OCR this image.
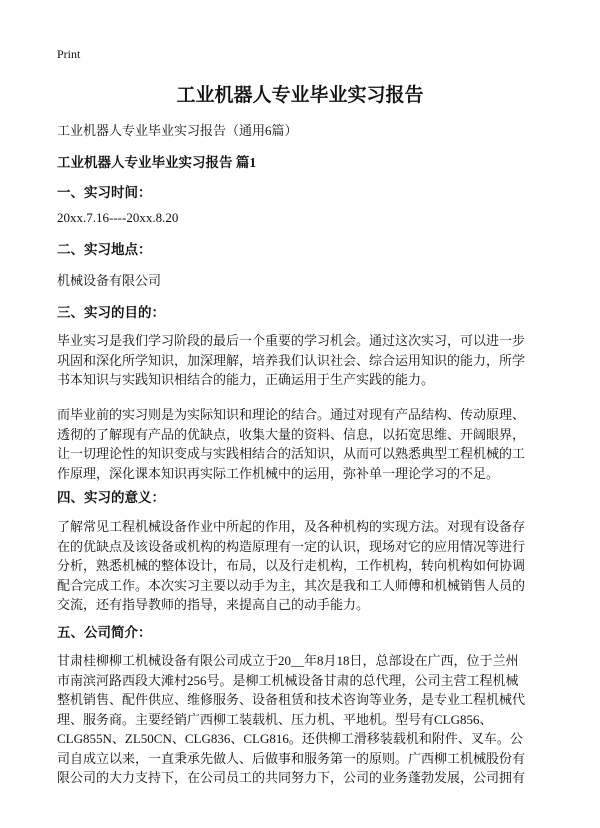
Print
工业机器人专业毕业实习报告
工业机器人专业毕业实习报告（通用6篇）
工业机器人专业毕业实习报告 篇1
一、实习时间：
20xx.7.16----20xx.8.20
二、实习地点：
机械设备有限公司
三、实习的目的：
毕业实习是我们学习阶段的最后一个重要的学习机会。通过这次实习，可以进一步
巩固和深化所学知识，加深理解，培养我们认识社会、综合运用知识的能力，所学
书本知识与实践知识相结合的能力，正确运用于生产实践的能力。
而毕业前的实习则是为实际知识和理论的结合。通过对现有产品结构、传动原理、
透彻的了解现有产品的优缺点，收集大量的资料、信息，以拓宽思维、开阔眼界，
让一切理论性的知识变成与实践相结合的活知识，从而可以熟悉典型工程机械的工
作原理，深化课本知识再实际工作机械中的运用，弥补单一理论学习的不足。
四、实习的意义：
了解常见工程机械设备作业中所起的作用，及各种机构的实现方法。对现有设备存
在的优缺点及该设备或机构的构造原理有一定的认识，现场对它的应用情况等进行
分析，熟悉机械的整体设计，布局，以及行走机构，工作机构，转向机构如何协调
配合完成工作。本次实习主要以动手为主，其次是我和工人师傅和机械销售人员的
交流，还有指导教师的指导，来提高自己的动手能力。
五、公司简介：
甘肃桂柳柳工机械设备有限公司成立于20__年8月18日，总部设在广西，位于兰州
市南滨河路西段大滩村256号。是柳工机械设备甘肃的总代理，公司主营工程机械
整机销售、配件供应、维修服务、设备租赁和技术咨询等业务，是专业工程机械代
理、服务商。主要经销广西柳工装载机、压力机、平地机。型号有CLG856、
CLG855N、ZL50CN、CLG836、CLG816。还供柳工滑移装载机和附件、叉车。公
司自成立以来，一直秉承先做人、后做事和服务第一的原则。广西柳工机械股份有
限公司的大力支持下，在公司员工的共同努力下，公司的业务蓬勃发展，公司拥有
